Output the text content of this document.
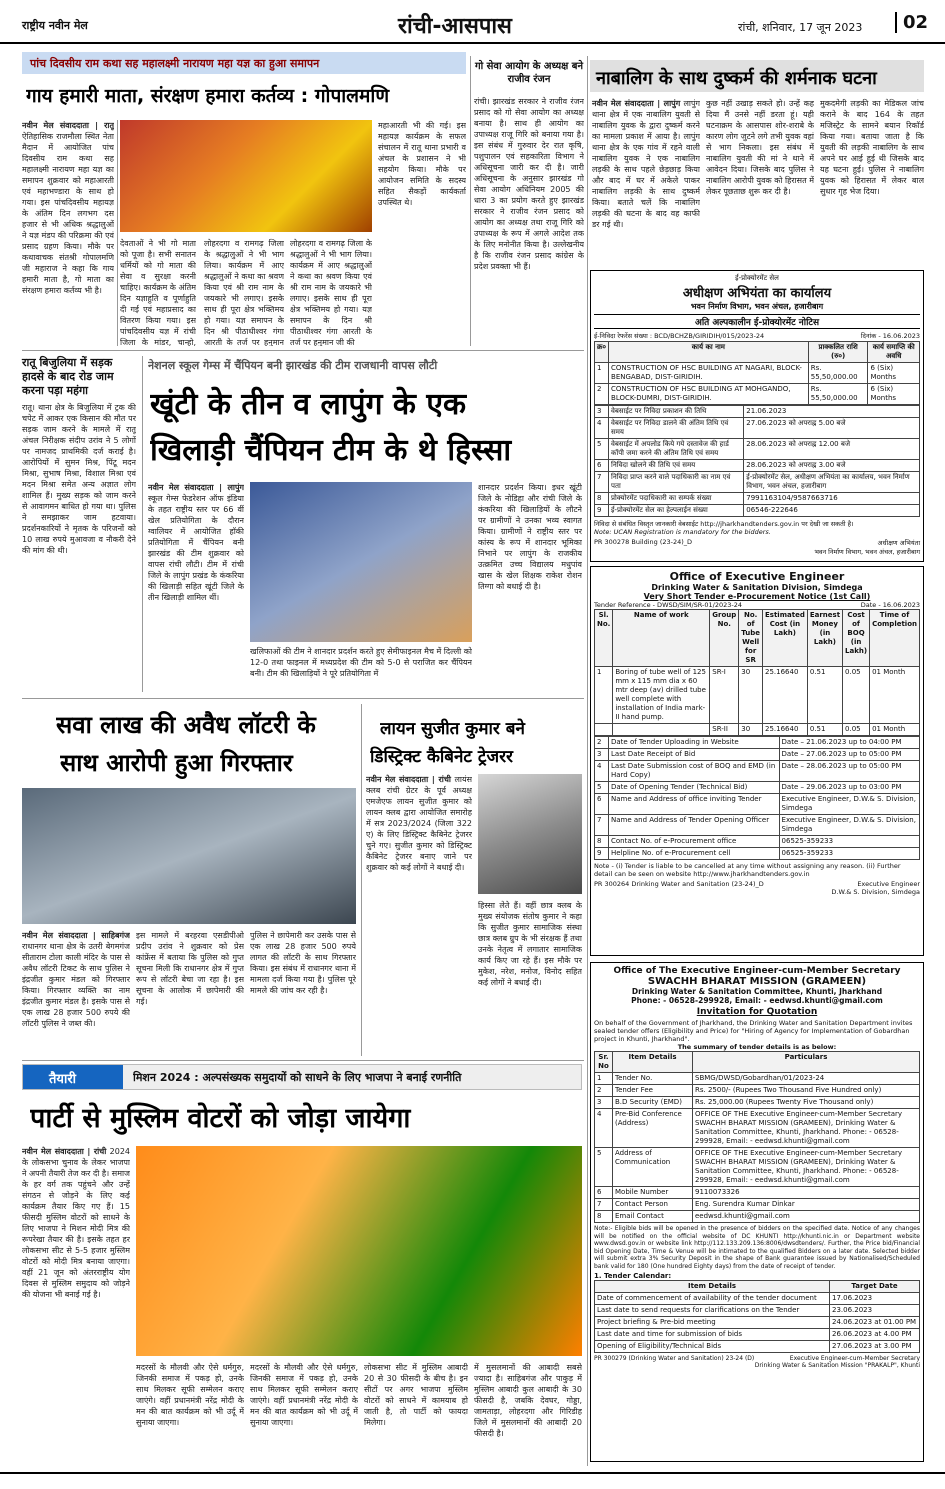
राष्ट्रीय नवीन मेल	रांची-आसपास	रांची, शनिवार, 17 जून 2023	02
पांच दिवसीय राम कथा सह महालक्ष्मी नारायण महा यज्ञ का हुआ समापन
गाय हमारी माता, संरक्षण हमारा कर्तव्य : गोपालमणि
नवीन मेल संवाददाता | रातू ऐतिहासिक राजमौला स्थित नेता मैदान में आयोजित पांच दिवसीय राम कथा सह महालक्ष्मी नारायण महा यज्ञ का समापन शुक्रवार को महाआरती एवं महाभण्डारा के साथ हो गया। इस पांचदिवसीय महायज्ञ के अंतिम दिन लगभग दस हजार से भी अधिक श्रद्धालुओं ने यज्ञ मंडप की परिक्रमा की एवं प्रसाद ग्रहण किया। मौके पर कथावाचक संतश्री गोपालमणि जी महाराज ने कहा कि गाय हमारी माता है, गो माता का संरक्षण हमारा कर्तव्य भी है।
देवताओं ने भी गो माता को पूजा है। सभी सनातन धर्मियों को गो माता की सेवा व सुरक्षा करनी चाहिए। कार्यक्रम के अंतिम दिन यज्ञाहुति व पूर्णाहुति दी गई एवं महाप्रसाद का वितरण किया गया। इस पांचदिवसीय यज्ञ में रांची जिला के मांडर, चान्हो,
लोहरदगा व रामगढ़ जिला के श्रद्धालुओं ने भी भाग लिया। कार्यक्रम में आए श्रद्धालुओं ने कथा का श्रवण किया एवं श्री राम नाम के जयकारे भी लगाए। इसके साथ ही पूरा क्षेत्र भक्तिमय हो गया। यज्ञ समापन के दिन श्री पीठाधीश्वर गंगा आरती के तर्ज पर हनुमान
लोहरदगा व रामगढ़ जिला के श्रद्धालुओं ने भी भाग लिया। कार्यक्रम में आए श्रद्धालुओं ने कथा का श्रवण किया एवं श्री राम नाम के जयकारे भी लगाए। इसके साथ ही पूरा क्षेत्र भक्तिमय हो गया। यज्ञ समापन के दिन श्री पीठाधीश्वर गंगा आरती के तर्ज पर हनुमान जी की
महाआरती भी की गई। इस महायज्ञ कार्यक्रम के सफल संचालन में रातू थाना प्रभारी व अंचल के प्रशासन ने भी सहयोग किया। मौके पर आयोजन समिति के सदस्य सहित सैकड़ों कार्यकर्ता उपस्थित थे।
गो सेवा आयोग के अध्यक्ष बने राजीव रंजन
रांची। झारखंड सरकार ने राजीव रंजन प्रसाद को गो सेवा आयोग का अध्यक्ष बनाया है। साथ ही आयोग का उपाध्यक्ष राजू गिरि को बनाया गया है। इस संबंध में गुरुवार देर रात कृषि, पशुपालन एवं सहकारिता विभाग ने अधिसूचना जारी कर दी है। जारी अधिसूचना के अनुसार झारखंड गो सेवा आयोग अधिनियम 2005 की धारा 3 का प्रयोग करते हुए झारखंड सरकार ने राजीव रंजन प्रसाद को आयोग का अध्यक्ष तथा राजू गिरि को उपाध्यक्ष के रूप में अगले आदेश तक के लिए मनोनीत किया है। उल्लेखनीय है कि राजीव रंजन प्रसाद कांग्रेस के प्रदेश प्रवक्ता भी हैं।
नाबालिग के साथ दुष्कर्म की शर्मनाक घटना
नवीन मेल संवाददाता | लापुंग लापुंग थाना क्षेत्र में एक नाबालिग युवती से नाबालिग युवक के द्वारा दुष्कर्म करने का मामला प्रकाश में आया है। लापुंग थाना क्षेत्र के एक गांव में रहने वाली नाबालिग युवक ने एक नाबालिग लड़की के साथ पहले छेड़छाड़ किया और बाद में घर में अकेले पाकर नाबालिग लड़की के साथ दुष्कर्म किया। बताते चलें कि नाबालिग लड़की की घटना के बाद वह काफी डर गई थी।
कुछ नहीं उखाड़ सकते हो। उन्हें कह दिया मैं उनसे नहीं डरता हूं। यही घटनाक्रम के आसपास शोर-शराबे के कारण लोग जुटने लगे तभी युवक वहां से भाग निकला। इस संबंध में नाबालिग युवती की मां ने थाने में आवेदन दिया। जिसके बाद पुलिस ने नाबालिग आरोपी युवक को हिरासत में लेकर पूछताछ शुरू कर दी है।
मुकदमेगी लड़की का मेडिकल जांच कराने के बाद 164 के तहत मजिस्ट्रेट के सामने बयान रिकॉर्ड किया गया। बताया जाता है कि युवती की लड़की नाबालिग के साथ अपने घर आई हुई थी जिसके बाद यह घटना हुई। पुलिस ने नाबालिग युवक को हिरासत में लेकर बाल सुधार गृह भेज दिया।
ई-प्रोक्योरमेंट सेल
अधीक्षण अभियंता का कार्यालय
भवन निर्माण विभाग, भवन अंचल, हजारीबाग
अति अल्पकालीन ई-प्रोक्योरमेंट नोटिस
ई-निविदा रेफरेंस संख्या : BCD/BCHZB/GIRIDIH/015/2023-24	दिनांक - 16.06.2023
क्र०	कार्य का नाम	प्राक्कलित राशि (रु०)	कार्य समाप्ति की अवधि
1	CONSTRUCTION OF HSC BUILDING AT NAGARI, BLOCK-BENGABAD, DIST-GIRIDIH.	Rs. 55,50,000.00	6 (Six) Months
2	CONSTRUCTION OF HSC BUILDING AT MOHGANDO, BLOCK-DUMRI, DIST-GIRIDIH.	Rs. 55,50,000.00	6 (Six) Months
3	वेबसाईट पर निविदा प्रकाशन की तिथि	21.06.2023
4	वेबसाईट पर निविदा डालने की अंतिम तिथि एवं समय	27.06.2023 को अपराह्न 5.00 बजे
5	वेबसाईट में अपलोड किये गये दस्तावेज की हार्ड कॉपी जमा करने की अंतिम तिथि एवं समय	28.06.2023 को अपराह्न 12.00 बजे
6	निविदा खोलने की तिथि एवं समय	28.06.2023 को अपराह्न 3.00 बजे
7	निविदा प्राप्त करने वाले पदाधिकारी का नाम एवं पता	ई-प्रोक्योरमेंट सेल, अधीक्षण अभियंता का कार्यालय, भवन निर्माण विभाग, भवन अंचल, हजारीबाग
8	प्रोक्योरमेंट पदाधिकारी का सम्पर्क संख्या	7991163104/9587663716
9	ई-प्रोक्योरमेंट सेल का हेल्पलाईन संख्या	06546-222646
निविदा से संबंधित विस्तृत जानकारी वेबसाईट http://jharkhandtenders.gov.in पर देखी जा सकती है।
Note: UCAN Registration is mandatory for the bidders.
PR 300278 Building (23-24)_D	अधीक्षण अभियंता
भवन निर्माण विभाग, भवन अंचल, हजारीबाग
रातू बिजुलिया में सड़क हादसे के बाद रोड जाम करना पड़ा महंगा
रातू। थाना क्षेत्र के बिजुलिया में ट्रक की चपेट में आकर एक किसान की मौत पर सड़क जाम करने के मामले में रातू अंचल निरीक्षक संदीप उरांव ने 5 लोगों पर नामजद प्राथमिकी दर्ज कराई है। आरोपियों में सुमन मिश्र, पिंटू मदन मिश्रा, सुभाष मिश्रा, विशाल मिश्रा एवं मदन मिश्रा समेत अन्य अज्ञात लोग शामिल हैं। मुख्य सड़क को जाम करने से आवागमन बाधित हो गया था। पुलिस ने समझाकर जाम हटवाया। प्रदर्शनकारियों ने मृतक के परिजनों को 10 लाख रुपये मुआवजा व नौकरी देने की मांग की थी।
नेशनल स्कूल गेम्स में चैंपियन बनी झारखंड की टीम राजधानी वापस लौटी
खूंटी के तीन व लापुंग के एक
खिलाड़ी चैंपियन टीम के थे हिस्सा
नवीन मेल संवाददाता | लापुंग स्कूल गेम्स फेडरेशन ऑफ इंडिया के तहत राष्ट्रीय स्तर पर 66 वीं खेल प्रतियोगिता के दौरान ग्वालियर में आयोजित हॉकी प्रतियोगिता में चैंपियन बनी झारखंड की टीम शुक्रवार को वापस रांची लौटी। टीम में रांची जिले के लापुंग प्रखंड के कंकरिया की खिलाड़ी सहित खूंटी जिले के तीन खिलाड़ी शामिल थीं।
खलिफाओं की टीम ने शानदार प्रदर्शन करते हुए सेमीफाइनल मैच में दिल्ली को 12-0 तथा फाइनल में मध्यप्रदेश की टीम को 5-0 से पराजित कर चैंपियन बनी। टीम की खिलाड़ियों ने पूरे प्रतियोगिता में
शानदार प्रदर्शन किया। इधर खूंटी जिले के नोडिहा और रांची जिले के कंकरिया की खिलाड़ियों के लौटने पर ग्रामीणों ने उनका भव्य स्वागत किया। ग्रामीणों ने राष्ट्रीय स्तर पर कांस्य के रूप में शानदार भूमिका निभाने पर लापुंग के राजकीय उत्क्रमित उच्च विद्यालय मधुपांव खास के खेल शिक्षक राकेश रोशन तिग्गा को बधाई दी है।
सवा लाख की अवैध लॉटरी के
साथ आरोपी हुआ गिरफ्तार
नवीन मेल संवाददाता | साहिबगंज राधानगर थाना क्षेत्र के उतरी बेगमगंज सीताराम टोला काली मंदिर के पास से अवैध लॉटरी टिकट के साथ पुलिस ने इंद्रजीत कुमार मंडल को गिरफ्तार किया। गिरफ्तार व्यक्ति का नाम इंद्रजीत कुमार मंडल है। इसके पास से एक लाख 28 हजार 500 रुपये की लॉटरी पुलिस ने जब्त की।
इस मामले में बरहरवा एसडीपीओ प्रदीप उरांव ने शुक्रवार को प्रेस कांफ्रेंस में बताया कि पुलिस को गुप्त सूचना मिली कि राधानगर क्षेत्र में गुप्त रूप से लॉटरी बेचा जा रहा है। इस सूचना के आलोक में छापेमारी की गई।
पुलिस ने छापेमारी कर उसके पास से एक लाख 28 हजार 500 रुपये लागत की लॉटरी के साथ गिरफ्तार किया। इस संबंध में राधानगर थाना में मामला दर्ज किया गया है। पुलिस पूरे मामले की जांच कर रही है।
लायन सुजीत कुमार बने
डिस्ट्रिक्ट कैबिनेट ट्रेजरर
नवीन मेल संवाददाता | रांची लायंस क्लब रांची ग्रेटर के पूर्व अध्यक्ष एमजेएफ लायन सुजीत कुमार को लायन क्लब द्वारा आयोजित समारोह में सत्र 2023/2024 (जिला 322 ए) के लिए डिस्ट्रिक्ट कैबिनेट ट्रेजरर चुने गए। सुजीत कुमार को डिस्ट्रिक्ट कैबिनेट ट्रेजरर बनाए जाने पर शुक्रवार को कई लोगों ने बधाई दी।
हिस्सा लेते हैं। वहीं छात्र क्लब के मुख्य संयोजक संतोष कुमार ने कहा कि सुजीत कुमार सामाजिक संस्था छात्र क्लब ग्रुप के भी संरक्षक हैं तथा उनके नेतृत्व में लगातार सामाजिक कार्य किए जा रहे हैं। इस मौके पर मुकेश, नरेश, मनोज, विनोद सहित कई लोगों ने बधाई दी।
Office of Executive Engineer
Drinking Water & Sanitation Division, Simdega
Very Short Tender e-Procurement Notice (1st Call)
Tender Reference - DWSD/SIM/SR-01/2023-24	Date - 16.06.2023
Sl. No.	Name of work	Group No.	No. of Tube Well for SR	Estimated Cost (in Lakh)	Earnest Money (in Lakh)	Cost of BOQ (in Lakh)	Time of Completion
1	Boring of tube well of 125 mm x 115 mm dia x 60 mtr deep (av) drilled tube well complete with installation of India mark-II hand pump.	SR-I	30	25.16640	0.51	0.05	01 Month
		SR-II	30	25.16640	0.51	0.05	01 Month
2	Date of Tender Uploading in Website	Date – 21.06.2023 up to 04:00 PM
3	Last Date Receipt of Bid	Date – 27.06.2023 up to 05:00 PM
4	Last Date Submission cost of BOQ and EMD (in Hard Copy)	Date – 28.06.2023 up to 05:00 PM
5	Date of Opening Tender (Technical Bid)	Date – 29.06.2023 up to 03:00 PM
6	Name and Address of office inviting Tender	Executive Engineer, D.W.& S. Division, Simdega
7	Name and Address of Tender Opening Officer	Executive Engineer, D.W.& S. Division, Simdega
8	Contact No. of e-Procurement office	06525-359233
9	Helpline No. of e-Procurement cell	06525-359233
Note - (i) Tender is liable to be cancelled at any time without assigning any reason. (ii) Further detail can be seen on website http://www.jharkhandtenders.gov.in
PR 300264 Drinking Water and Sanitation (23-24)_D	Executive Engineer
D.W.& S. Division, Simdega
तैयारी	मिशन 2024 : अल्पसंख्यक समुदायों को साधने के लिए भाजपा ने बनाई रणनीति
पार्टी से मुस्लिम वोटरों को जोड़ा जायेगा
नवीन मेल संवाददाता | रांची 2024 के लोकसभा चुनाव के लेकर भाजपा ने अपनी तैयारी तेज कर दी है। समाज के हर वर्ग तक पहुंचने और उन्हें संगठन से जोड़ने के लिए कई कार्यक्रम तैयार किए गए हैं। 15 फीसदी मुस्लिम वोटरों को साधने के लिए भाजपा ने मिशन मोदी मित्र की रूपरेखा तैयार की है। इसके तहत हर लोकसभा सीट से 5-5 हजार मुस्लिम वोटरों को मोदी मित्र बनाया जाएगा। वहीं 21 जून को अंतरराष्ट्रीय योग दिवस से मुस्लिम समुदाय को जोड़ने की योजना भी बनाई गई है।
मदरसों के मौलवी और ऐसे धर्मगुरु, जिनकी समाज में पकड़ हो, उनके साथ मिलकर सूफी सम्मेलन कराए जाएंगे। वहीं प्रधानमंत्री नरेंद्र मोदी के मन की बात कार्यक्रम को भी उर्दू में सुनाया जाएगा।
मदरसों के मौलवी और ऐसे धर्मगुरु, जिनकी समाज में पकड़ हो, उनके साथ मिलकर सूफी सम्मेलन कराए जाएंगे। वहीं प्रधानमंत्री नरेंद्र मोदी के मन की बात कार्यक्रम को भी उर्दू में सुनाया जाएगा।
लोकसभा सीट में मुस्लिम आबादी 20 से 30 फीसदी के बीच है। इन सीटों पर अगर भाजपा मुस्लिम वोटरों को साधने में कामयाब हो जाती है, तो पार्टी को फायदा मिलेगा।
में मुसलमानों की आबादी सबसे ज्यादा है। साहिबगंज और पाकुड़ में मुस्लिम आबादी कुल आबादी के 30 फीसदी है, जबकि देवघर, गोड्डा, जामताड़ा, लोहरदगा और गिरिडीह जिले में मुसलमानों की आबादी 20 फीसदी है।
Office of The Executive Engineer-cum-Member Secretary
SWACHH BHARAT MISSION (GRAMEEN)
Drinking Water & Sanitation Committee, Khunti, Jharkhand
Phone: - 06528-299928, Email: - eedwsd.khunti@gmail.com
Invitation for Quotation
On behalf of the Government of Jharkhand, the Drinking Water and Sanitation Department invites sealed tender offers (Eligibility and Price) for "Hiring of Agency for Implementation of Gobardhan project in Khunti, Jharkhand".
The summary of tender details is as below:
Sr. No	Item Details	Particulars
1	Tender No.	SBMG/DWSD/Gobardhan/01/2023-24
2	Tender Fee	Rs. 2500/- (Rupees Two Thousand Five Hundred only)
3	B.D Security (EMD)	Rs. 25,000.00 (Rupees Twenty Five Thousand only)
4	Pre-Bid Conference (Address)	OFFICE OF THE Executive Engineer-cum-Member Secretary SWACHH BHARAT MISSION (GRAMEEN), Drinking Water & Sanitation Committee, Khunti, Jharkhand. Phone: - 06528-299928, Email: - eedwsd.khunti@gmail.com
5	Address of Communication	OFFICE OF THE Executive Engineer-cum-Member Secretary SWACHH BHARAT MISSION (GRAMEEN), Drinking Water & Sanitation Committee, Khunti, Jharkhand. Phone: - 06528-299928, Email: - eedwsd.khunti@gmail.com
6	Mobile Number	9110073326
7	Contact Person	Eng. Surendra Kumar Dinkar
8	Email Contact	eedwsd.khunti@gmail.com
Note:- Eligible bids will be opened in the presence of bidders on the specified date. Notice of any changes will be notified on the official website of DC KHUNTI http://khunti.nic.in or Department website www.dwsd.gov.in or website link http://112.133.209.136:8006/dwsdtenders/. Further, the Price bid/Financial bid Opening Date, Time & Venue will be intimated to the qualified Bidders on a later date. Selected bidder will submit extra 3% Security Deposit in the shape of Bank guarantee issued by Nationalised/Scheduled bank valid for 180 (One hundred Eighty days) from the date of receipt of tender.
1. Tender Calendar:
Item Details	Target Date
Date of commencement of availability of the tender document	17.06.2023
Last date to send requests for clarifications on the Tender	23.06.2023
Project briefing & Pre-bid meeting	24.06.2023 at 01.00 PM
Last date and time for submission of bids	26.06.2023 at 4.00 PM
Opening of Eligibility/Technical Bids	27.06.2023 at 3.00 PM
PR 300279 (Drinking Water and Sanitation) 23-24 (D)	Executive Engineer-cum-Member Secretary
Drinking Water & Sanitation Mission "PRAKALP", Khunti
